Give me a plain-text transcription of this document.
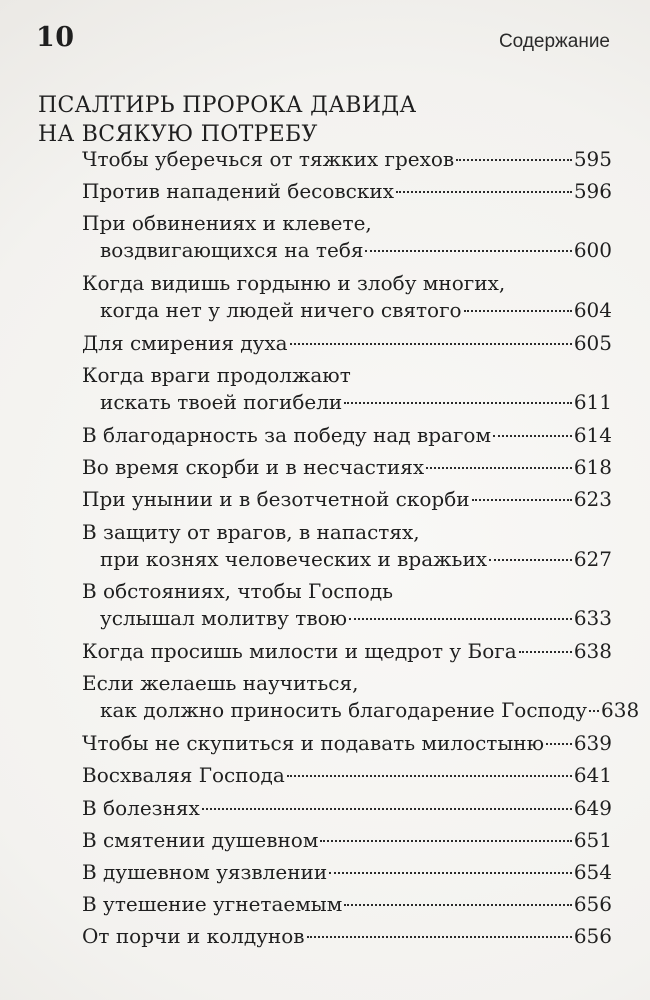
10	Содержание
ПСАЛТИРЬ ПРОРОКА ДАВИДА
НА ВСЯКУЮ ПОТРЕБУ
Чтобы уберечься от тяжких грехов	595
Против нападений бесовских	596
При обвинениях и клевете,
воздвигающихся на тебя	600
Когда видишь гордыню и злобу многих,
когда нет у людей ничего святого	604
Для смирения духа	605
Когда враги продолжают
искать твоей погибели	611
В благодарность за победу над врагом	614
Во время скорби и в несчастиях	618
При унынии и в безотчетной скорби	623
В защиту от врагов, в напастях,
при кознях человеческих и вражьих	627
В обстояниях, чтобы Господь
услышал молитву твою	633
Когда просишь милости и щедрот у Бога	638
Если желаешь научиться,
как должно приносить благодарение Господу 638
Чтобы не скупиться и подавать милостыню 639
Восхваляя Господа	641
В болезнях	649
В смятении душевном	651
В душевном уязвлении	654
В утешение угнетаемым	656
От порчи и колдунов	656
